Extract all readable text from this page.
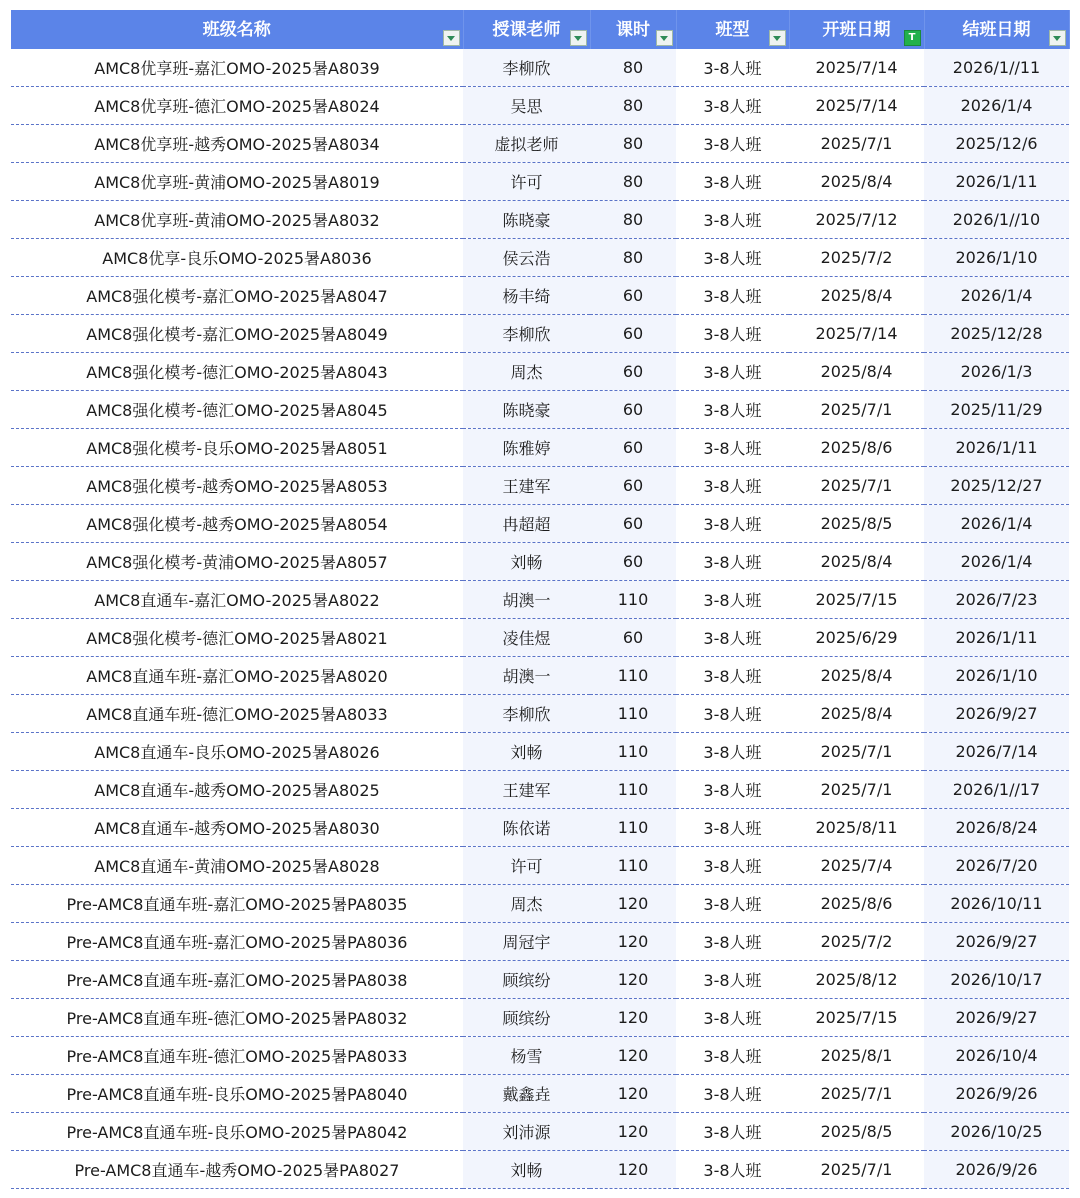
班级名称	授课老师	课时	班型	开班日期 T	结班日期

AMC8优享班-嘉汇OMO-2025暑A8039	李柳欣	80	3-8人班	2025/7/14	2026/1//11
AMC8优享班-德汇OMO-2025暑A8024	吴思	80	3-8人班	2025/7/14	2026/1/4
AMC8优享班-越秀OMO-2025暑A8034	虚拟老师	80	3-8人班	2025/7/1	2025/12/6
AMC8优享班-黄浦OMO-2025暑A8019	许可	80	3-8人班	2025/8/4	2026/1/11
AMC8优享班-黄浦OMO-2025暑A8032	陈晓豪	80	3-8人班	2025/7/12	2026/1//10
AMC8优享-良乐OMO-2025暑A8036	侯云浩	80	3-8人班	2025/7/2	2026/1/10
AMC8强化模考-嘉汇OMO-2025暑A8047	杨丰绮	60	3-8人班	2025/8/4	2026/1/4
AMC8强化模考-嘉汇OMO-2025暑A8049	李柳欣	60	3-8人班	2025/7/14	2025/12/28
AMC8强化模考-德汇OMO-2025暑A8043	周杰	60	3-8人班	2025/8/4	2026/1/3
AMC8强化模考-德汇OMO-2025暑A8045	陈晓豪	60	3-8人班	2025/7/1	2025/11/29
AMC8强化模考-良乐OMO-2025暑A8051	陈雅婷	60	3-8人班	2025/8/6	2026/1/11
AMC8强化模考-越秀OMO-2025暑A8053	王建军	60	3-8人班	2025/7/1	2025/12/27
AMC8强化模考-越秀OMO-2025暑A8054	冉超超	60	3-8人班	2025/8/5	2026/1/4
AMC8强化模考-黄浦OMO-2025暑A8057	刘畅	60	3-8人班	2025/8/4	2026/1/4
AMC8直通车-嘉汇OMO-2025暑A8022	胡澳一	110	3-8人班	2025/7/15	2026/7/23
AMC8强化模考-德汇OMO-2025暑A8021	凌佳煜	60	3-8人班	2025/6/29	2026/1/11
AMC8直通车班-嘉汇OMO-2025暑A8020	胡澳一	110	3-8人班	2025/8/4	2026/1/10
AMC8直通车班-德汇OMO-2025暑A8033	李柳欣	110	3-8人班	2025/8/4	2026/9/27
AMC8直通车-良乐OMO-2025暑A8026	刘畅	110	3-8人班	2025/7/1	2026/7/14
AMC8直通车-越秀OMO-2025暑A8025	王建军	110	3-8人班	2025/7/1	2026/1//17
AMC8直通车-越秀OMO-2025暑A8030	陈依诺	110	3-8人班	2025/8/11	2026/8/24
AMC8直通车-黄浦OMO-2025暑A8028	许可	110	3-8人班	2025/7/4	2026/7/20
Pre-AMC8直通车班-嘉汇OMO-2025暑PA8035	周杰	120	3-8人班	2025/8/6	2026/10/11
Pre-AMC8直通车班-嘉汇OMO-2025暑PA8036	周冠宇	120	3-8人班	2025/7/2	2026/9/27
Pre-AMC8直通车班-嘉汇OMO-2025暑PA8038	顾缤纷	120	3-8人班	2025/8/12	2026/10/17
Pre-AMC8直通车班-德汇OMO-2025暑PA8032	顾缤纷	120	3-8人班	2025/7/15	2026/9/27
Pre-AMC8直通车班-德汇OMO-2025暑PA8033	杨雪	120	3-8人班	2025/8/1	2026/10/4
Pre-AMC8直通车班-良乐OMO-2025暑PA8040	戴鑫垚	120	3-8人班	2025/7/1	2026/9/26
Pre-AMC8直通车班-良乐OMO-2025暑PA8042	刘沛源	120	3-8人班	2025/8/5	2026/10/25
Pre-AMC8直通车-越秀OMO-2025暑PA8027	刘畅	120	3-8人班	2025/7/1	2026/9/26
